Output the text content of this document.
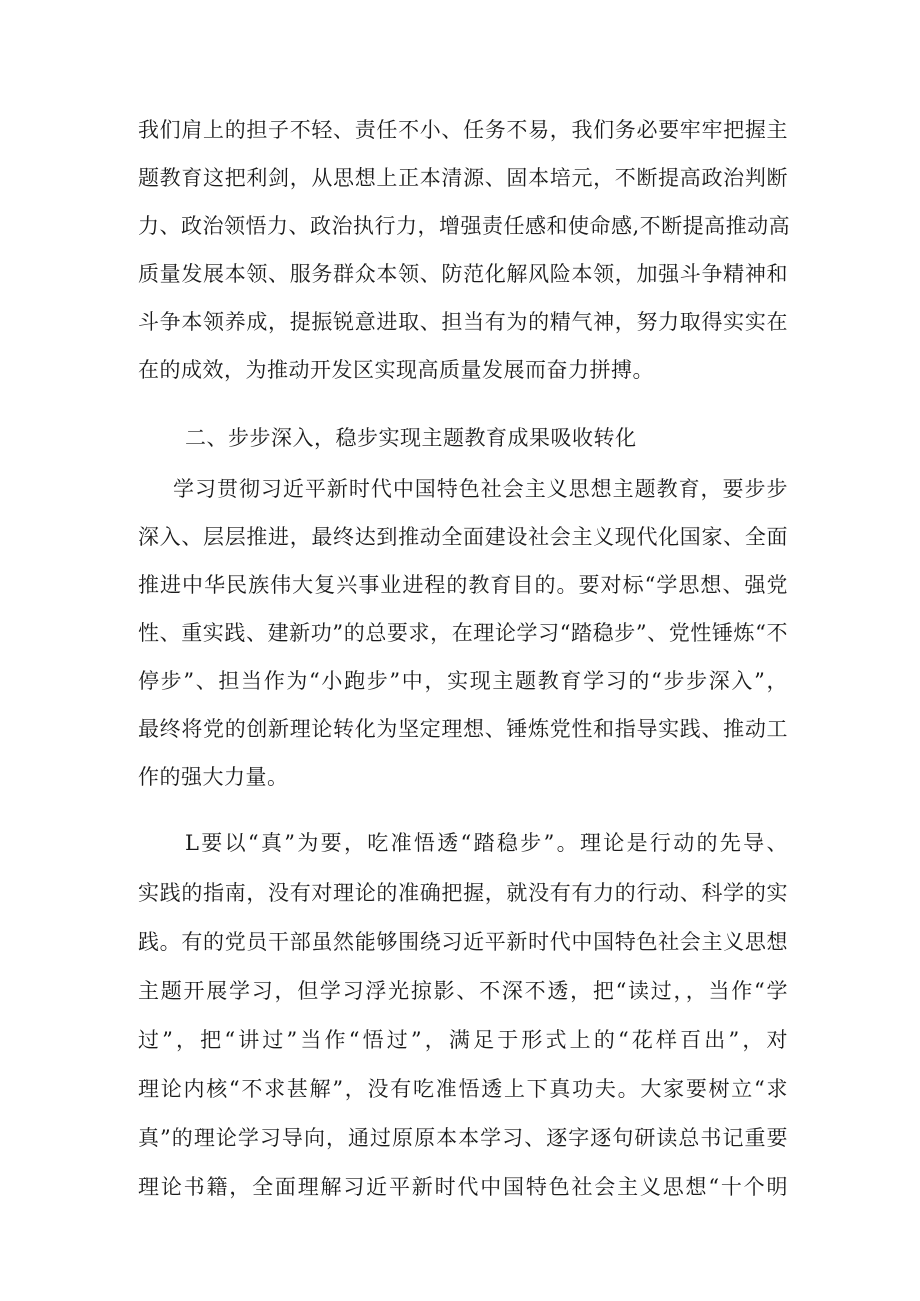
我们肩上的担子不轻、责任不小、任务不易，我们务必要牢牢把握主
题教育这把利剑，从思想上正本清源、固本培元，不断提高政治判断
力、政治领悟力、政治执行力，增强责任感和使命感,不断提高推动高
质量发展本领、服务群众本领、防范化解风险本领，加强斗争精神和
斗争本领养成，提振锐意进取、担当有为的精气神，努力取得实实在
在的成效，为推动开发区实现高质量发展而奋力拼搏。
二、步步深入，稳步实现主题教育成果吸收转化
学习贯彻习近平新时代中国特色社会主义思想主题教育，要步步
深入、层层推进，最终达到推动全面建设社会主义现代化国家、全面
推进中华民族伟大复兴事业进程的教育目的。要对标“学思想、强党
性、重实践、建新功”的总要求，在理论学习“踏稳步”、党性锤炼“不
停步”、担当作为“小跑步”中，实现主题教育学习的“步步深入”，
最终将党的创新理论转化为坚定理想、锤炼党性和指导实践、推动工
作的强大力量。
L要以“真”为要，吃准悟透“踏稳步”。理论是行动的先导、
实践的指南，没有对理论的准确把握，就没有有力的行动、科学的实
践。有的党员干部虽然能够围绕习近平新时代中国特色社会主义思想
主题开展学习，但学习浮光掠影、不深不透，把“读过，，当作“学
过”，把“讲过”当作“悟过”，满足于形式上的“花样百出”，对
理论内核“不求甚解”，没有吃准悟透上下真功夫。大家要树立“求
真”的理论学习导向，通过原原本本学习、逐字逐句研读总书记重要
理论书籍，全面理解习近平新时代中国特色社会主义思想“十个明
